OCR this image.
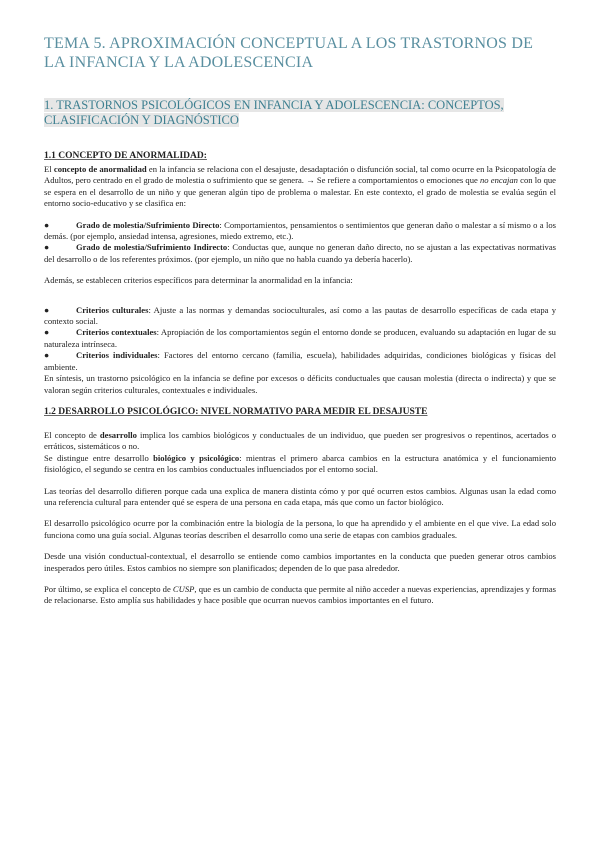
TEMA 5. APROXIMACIÓN CONCEPTUAL A LOS TRASTORNOS DE LA INFANCIA Y LA ADOLESCENCIA
1. TRASTORNOS PSICOLÓGICOS EN INFANCIA Y ADOLESCENCIA: CONCEPTOS, CLASIFICACIÓN Y DIAGNÓSTICO
1.1 CONCEPTO DE ANORMALIDAD:

El concepto de anormalidad en la infancia se relaciona con el desajuste, desadaptación o disfunción social, tal como ocurre en la Psicopatología de Adultos, pero centrado en el grado de molestia o sufrimiento que se genera. → Se refiere a comportamientos o emociones que no encajan con lo que se espera en el desarrollo de un niño y que generan algún tipo de problema o malestar. En este contexto, el grado de molestia se evalúa según el entorno socio-educativo y se clasifica en:

●	Grado de molestia/Sufrimiento Directo: Comportamientos, pensamientos o sentimientos que generan daño o malestar a sí mismo o a los demás. (por ejemplo, ansiedad intensa, agresiones, miedo extremo, etc.).
●	Grado de molestia/Sufrimiento Indirecto: Conductas que, aunque no generan daño directo, no se ajustan a las expectativas normativas del desarrollo o de los referentes próximos. (por ejemplo, un niño que no habla cuando ya debería hacerlo).

Además, se establecen criterios específicos para determinar la anormalidad en la infancia:

●	Criterios culturales: Ajuste a las normas y demandas socioculturales, así como a las pautas de desarrollo específicas de cada etapa y contexto social.
●	Criterios contextuales: Apropiación de los comportamientos según el entorno donde se producen, evaluando su adaptación en lugar de su naturaleza intrínseca.
●	Criterios individuales: Factores del entorno cercano (familia, escuela), habilidades adquiridas, condiciones biológicas y físicas del ambiente.

En síntesis, un trastorno psicológico en la infancia se define por excesos o déficits conductuales que causan molestia (directa o indirecta) y que se valoran según criterios culturales, contextuales e individuales.

1.2 DESARROLLO PSICOLÓGICO: NIVEL NORMATIVO PARA MEDIR EL DESAJUSTE

El concepto de desarrollo implica los cambios biológicos y conductuales de un individuo, que pueden ser progresivos o repentinos, acertados o erráticos, sistemáticos o no.

Se distingue entre desarrollo biológico y psicológico: mientras el primero abarca cambios en la estructura anatómica y el funcionamiento fisiológico, el segundo se centra en los cambios conductuales influenciados por el entorno social.

Las teorías del desarrollo difieren porque cada una explica de manera distinta cómo y por qué ocurren estos cambios. Algunas usan la edad como una referencia cultural para entender qué se espera de una persona en cada etapa, más que como un factor biológico.

El desarrollo psicológico ocurre por la combinación entre la biología de la persona, lo que ha aprendido y el ambiente en el que vive. La edad solo funciona como una guía social. Algunas teorías describen el desarrollo como una serie de etapas con cambios graduales.

Desde una visión conductual-contextual, el desarrollo se entiende como cambios importantes en la conducta que pueden generar otros cambios inesperados pero útiles. Estos cambios no siempre son planificados; dependen de lo que pasa alrededor.

Por último, se explica el concepto de CUSP, que es un cambio de conducta que permite al niño acceder a nuevas experiencias, aprendizajes y formas de relacionarse. Esto amplía sus habilidades y hace posible que ocurran nuevos cambios importantes en el futuro.
